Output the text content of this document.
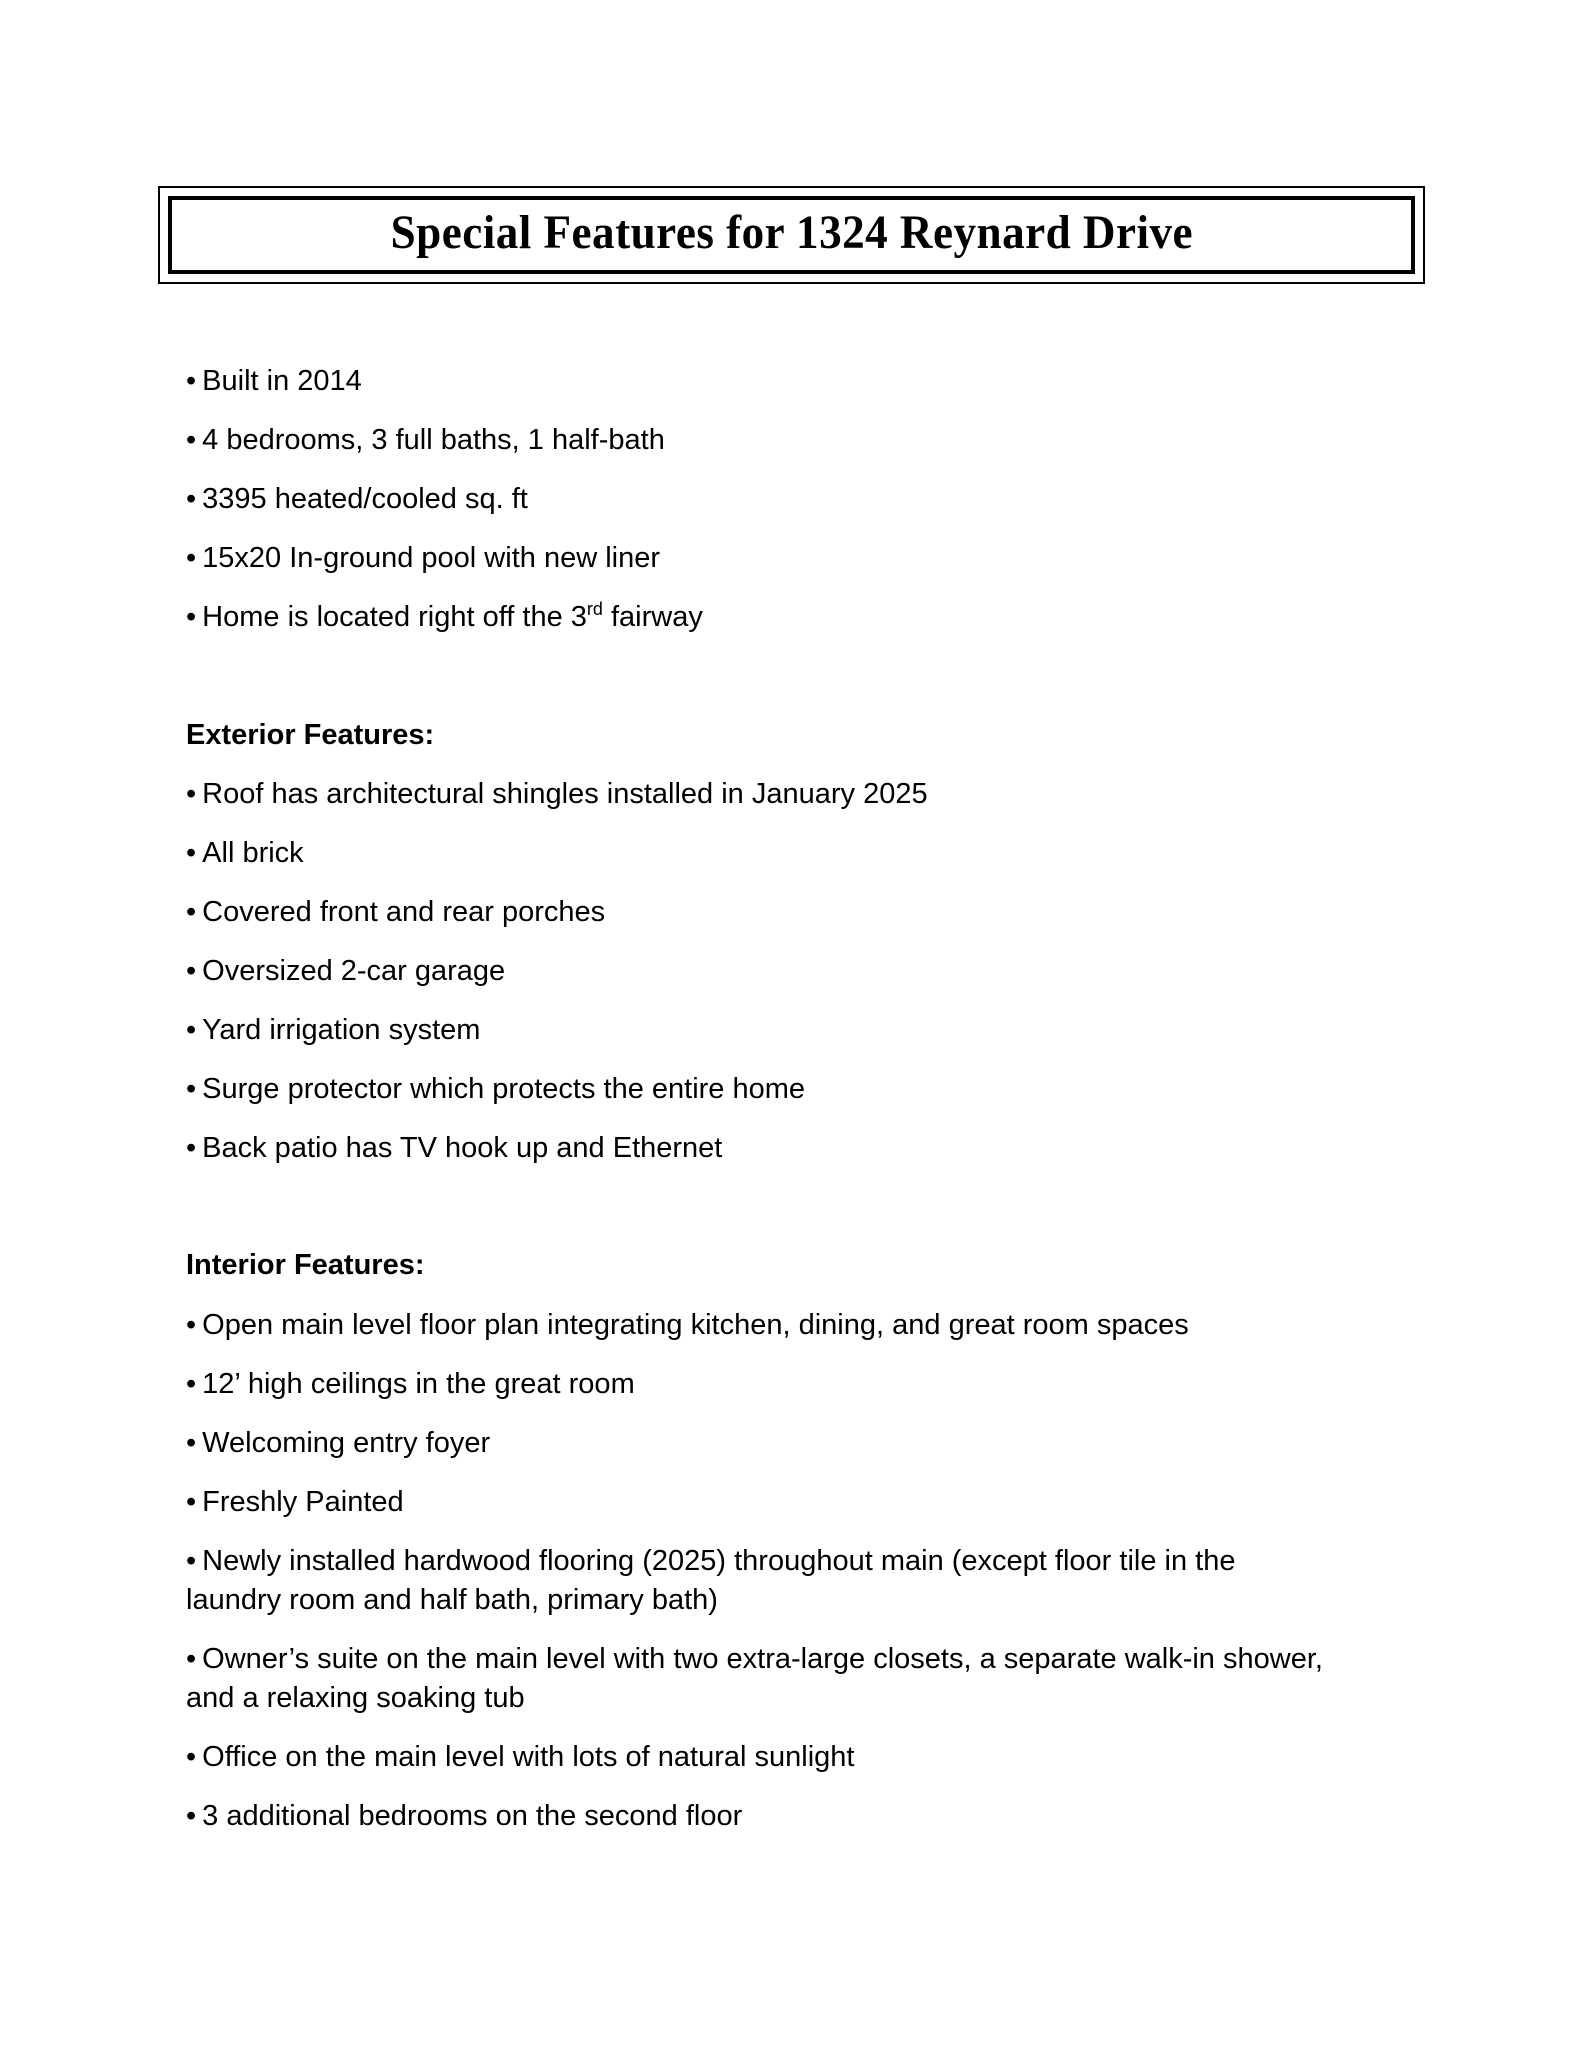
Special Features for 1324 Reynard Drive
• Built in 2014
• 4 bedrooms, 3 full baths, 1 half-bath
• 3395 heated/cooled sq. ft
• 15x20 In-ground pool with new liner
• Home is located right off the 3rd fairway
Exterior Features:
• Roof has architectural shingles installed in January 2025
• All brick
• Covered front and rear porches
• Oversized 2-car garage
• Yard irrigation system
• Surge protector which protects the entire home
• Back patio has TV hook up and Ethernet
Interior Features:
• Open main level floor plan integrating kitchen, dining, and great room spaces
• 12’ high ceilings in the great room
• Welcoming entry foyer
• Freshly Painted
• Newly installed hardwood flooring (2025) throughout main (except floor tile in the laundry room and half bath, primary bath)
• Owner’s suite on the main level with two extra-large closets, a separate walk-in shower, and a relaxing soaking tub
• Office on the main level with lots of natural sunlight
• 3 additional bedrooms on the second floor
